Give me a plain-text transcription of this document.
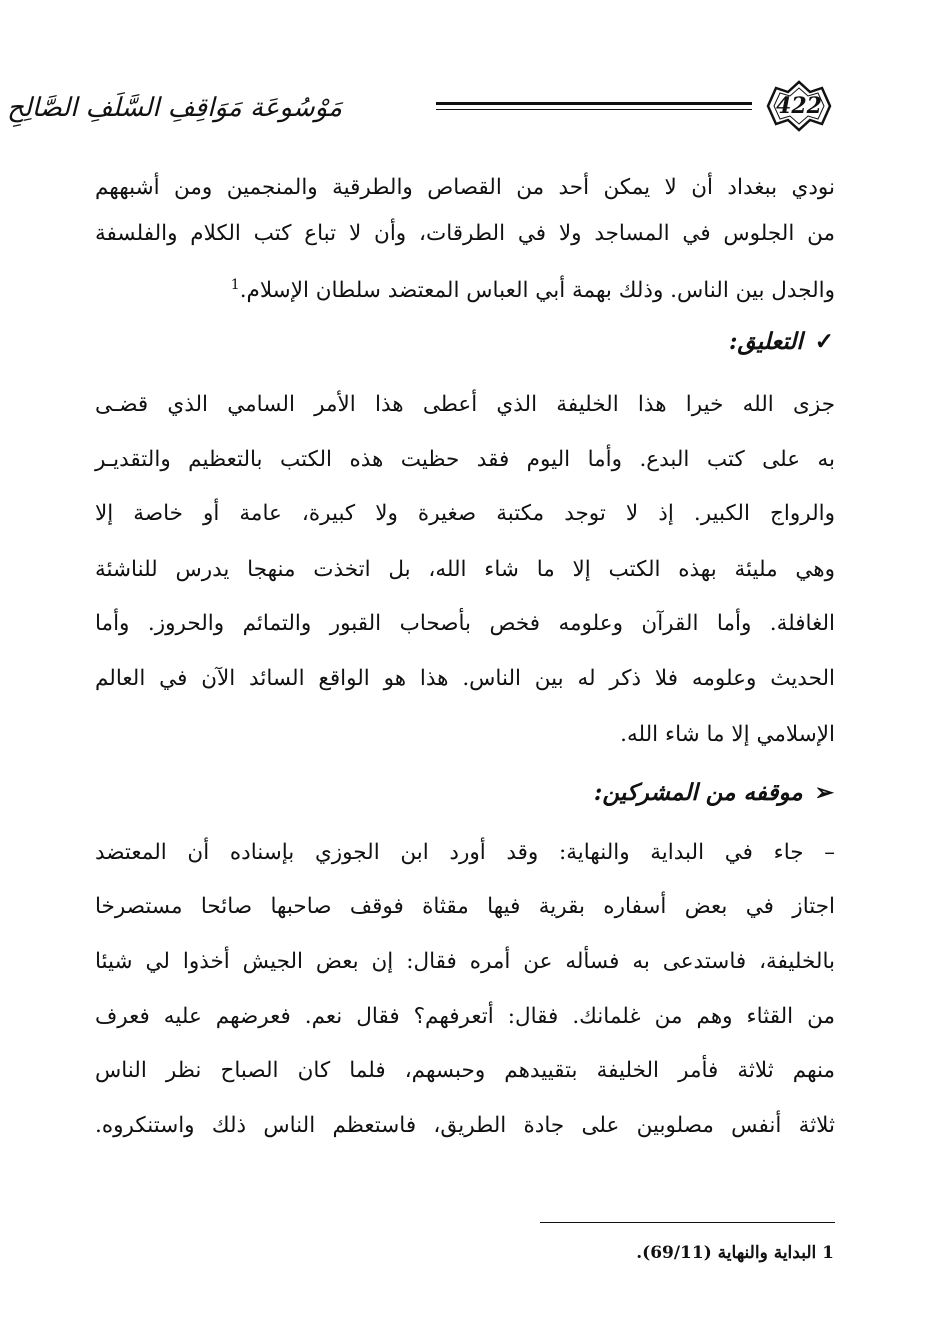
422
مَوْسُوعَة مَوَاقِفِ السَّلَفِ الصَّالِحِ
نودي ببغداد أن لا يمكن أحد من القصاص والطرقية والمنجمين ومن أشبههم
من الجلوس في المساجد ولا في الطرقات، وأن لا تباع كتب الكلام والفلسفة
والجدل بين الناس. وذلك بهمة أبي العباس المعتضد سلطان الإسلام.$^1$
✓التعليق:
جزى الله خيرا هذا الخليفة الذي أعطى هذا الأمر السامي الذي قضـى
به على كتب البدع. وأما اليوم فقد حظيت هذه الكتب بالتعظيم والتقديـر
والرواج الكبير. إذ لا توجد مكتبة صغيرة ولا كبيرة، عامة أو خاصة إلا
وهي مليئة بهذه الكتب إلا ما شاء الله، بل اتخذت منهجا يدرس للناشئة
الغافلة. وأما القرآن وعلومه فخص بأصحاب القبور والتمائم والحروز. وأما
الحديث وعلومه فلا ذكر له بين الناس. هذا هو الواقع السائد الآن في العالم
الإسلامي إلا ما شاء الله.
➢موقفه من المشركين:
– جاء في البداية والنهاية: وقد أورد ابن الجوزي بإسناده أن المعتضد
اجتاز في بعض أسفاره بقرية فيها مقثاة فوقف صاحبها صائحا مستصرخا
بالخليفة، فاستدعى به فسأله عن أمره فقال: إن بعض الجيش أخذوا لي شيئا
من القثاء وهم من غلمانك. فقال: أتعرفهم؟ فقال نعم. فعرضهم عليه فعرف
منهم ثلاثة فأمر الخليفة بتقييدهم وحبسهم، فلما كان الصباح نظر الناس
ثلاثة أنفس مصلوبين على جادة الطريق، فاستعظم الناس ذلك واستنكروه.
1 البداية والنهاية (69/11).
